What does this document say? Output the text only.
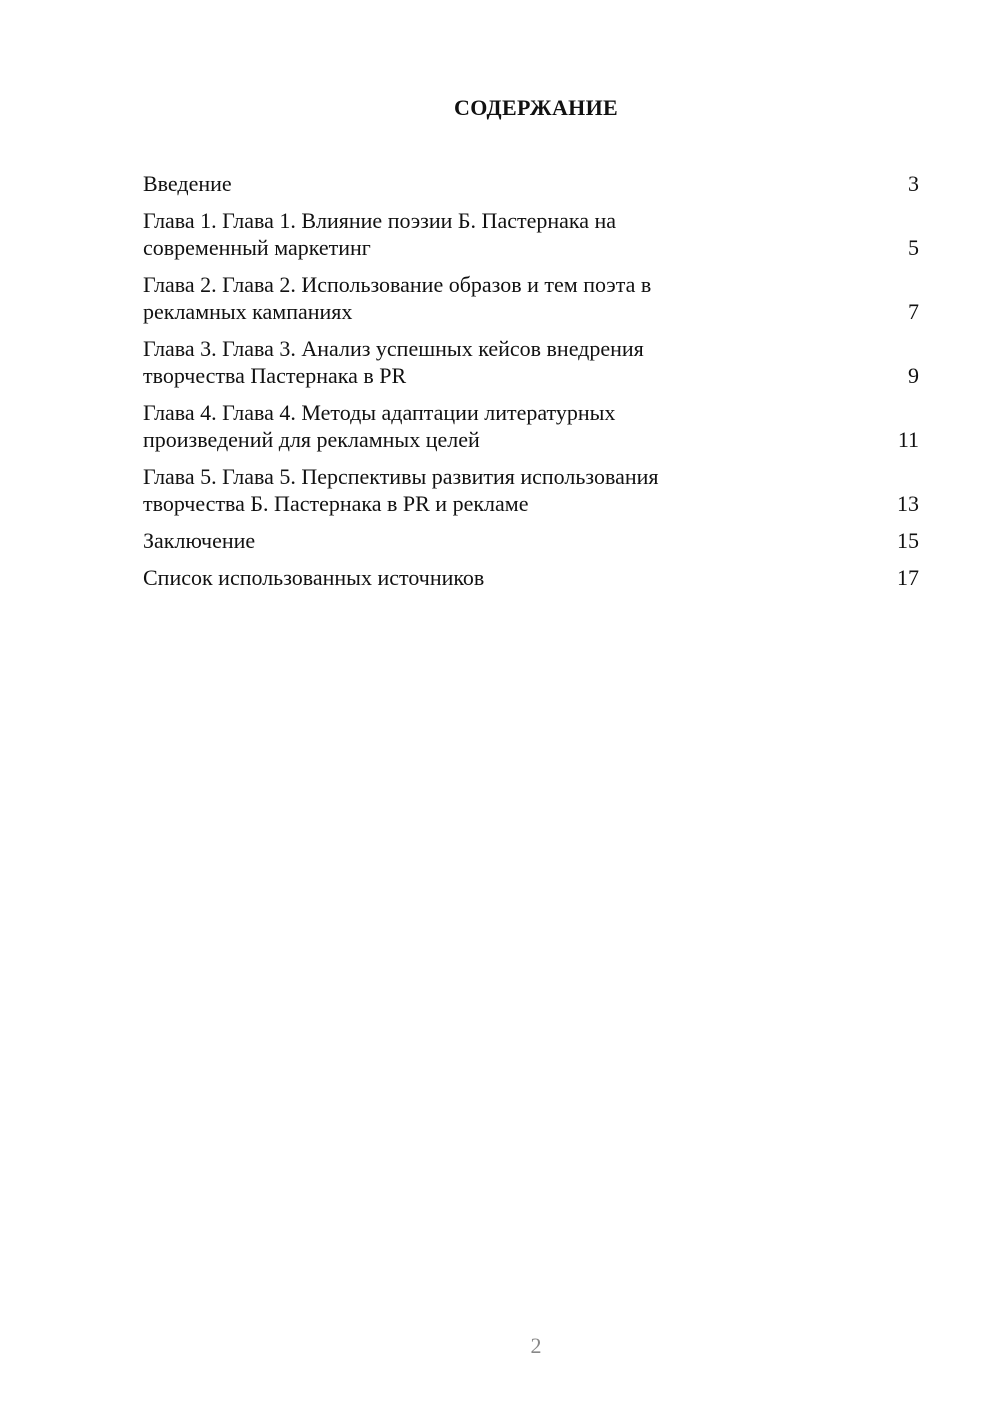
СОДЕРЖАНИЕ
Введение	3
Глава 1. Глава 1. Влияние поэзии Б. Пастернака на современный маркетинг	5
Глава 2. Глава 2. Использование образов и тем поэта в рекламных кампаниях	7
Глава 3. Глава 3. Анализ успешных кейсов внедрения творчества Пастернака в PR	9
Глава 4. Глава 4. Методы адаптации литературных произведений для рекламных целей	11
Глава 5. Глава 5. Перспективы развития использования творчества Б. Пастернака в PR и рекламе	13
Заключение	15
Список использованных источников	17
2
